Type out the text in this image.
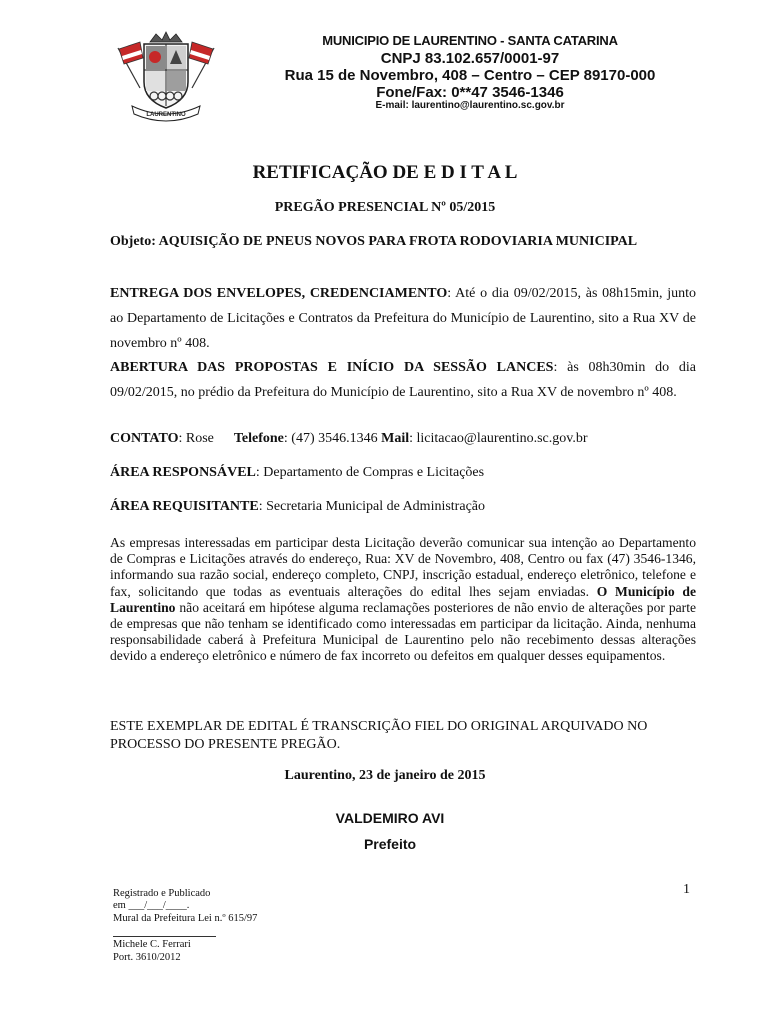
LAURENTINO
MUNICIPIO DE LAURENTINO - SANTA CATARINA
CNPJ 83.102.657/0001-97
Rua 15 de Novembro, 408 – Centro – CEP 89170-000
Fone/Fax: 0**47 3546-1346
E-mail: laurentino@laurentino.sc.gov.br
RETIFICAÇÃO DE E D I T A L
PREGÃO PRESENCIAL Nº 05/2015
Objeto: AQUISIÇÃO DE PNEUS NOVOS PARA FROTA RODOVIARIA MUNICIPAL
ENTREGA DOS ENVELOPES, CREDENCIAMENTO: Até o dia 09/02/2015, às 08h15min, junto ao Departamento de Licitações e Contratos da Prefeitura do Município de Laurentino, sito a Rua XV de novembro nº 408.
ABERTURA DAS PROPOSTAS E INÍCIO DA SESSÃO LANCES: às 08h30min do dia 09/02/2015, no prédio da Prefeitura do Município de Laurentino, sito a Rua XV de novembro nº 408.
CONTATO: Rose Telefone: (47) 3546.1346 Mail: licitacao@laurentino.sc.gov.br
ÁREA RESPONSÁVEL: Departamento de Compras e Licitações
ÁREA REQUISITANTE: Secretaria Municipal de Administração
As empresas interessadas em participar desta Licitação deverão comunicar sua intenção ao Departamento de Compras e Licitações através do endereço, Rua: XV de Novembro, 408, Centro ou fax (47) 3546-1346, informando sua razão social, endereço completo, CNPJ, inscrição estadual, endereço eletrônico, telefone e fax, solicitando que todas as eventuais alterações do edital lhes sejam enviadas. O Município de Laurentino não aceitará em hipótese alguma reclamações posteriores de não envio de alterações por parte de empresas que não tenham se identificado como interessadas em participar da licitação. Ainda, nenhuma responsabilidade caberá à Prefeitura Municipal de Laurentino pelo não recebimento dessas alterações devido a endereço eletrônico e número de fax incorreto ou defeitos em qualquer desses equipamentos.
ESTE EXEMPLAR DE EDITAL É TRANSCRIÇÃO FIEL DO ORIGINAL ARQUIVADO NO PROCESSO DO PRESENTE PREGÃO.
Laurentino, 23 de janeiro de 2015
VALDEMIRO AVI
Prefeito
1
Registrado e Publicado
em ___/___/____.
Mural da Prefeitura Lei n.º 615/97
Michele C. Ferrari
Port. 3610/2012
